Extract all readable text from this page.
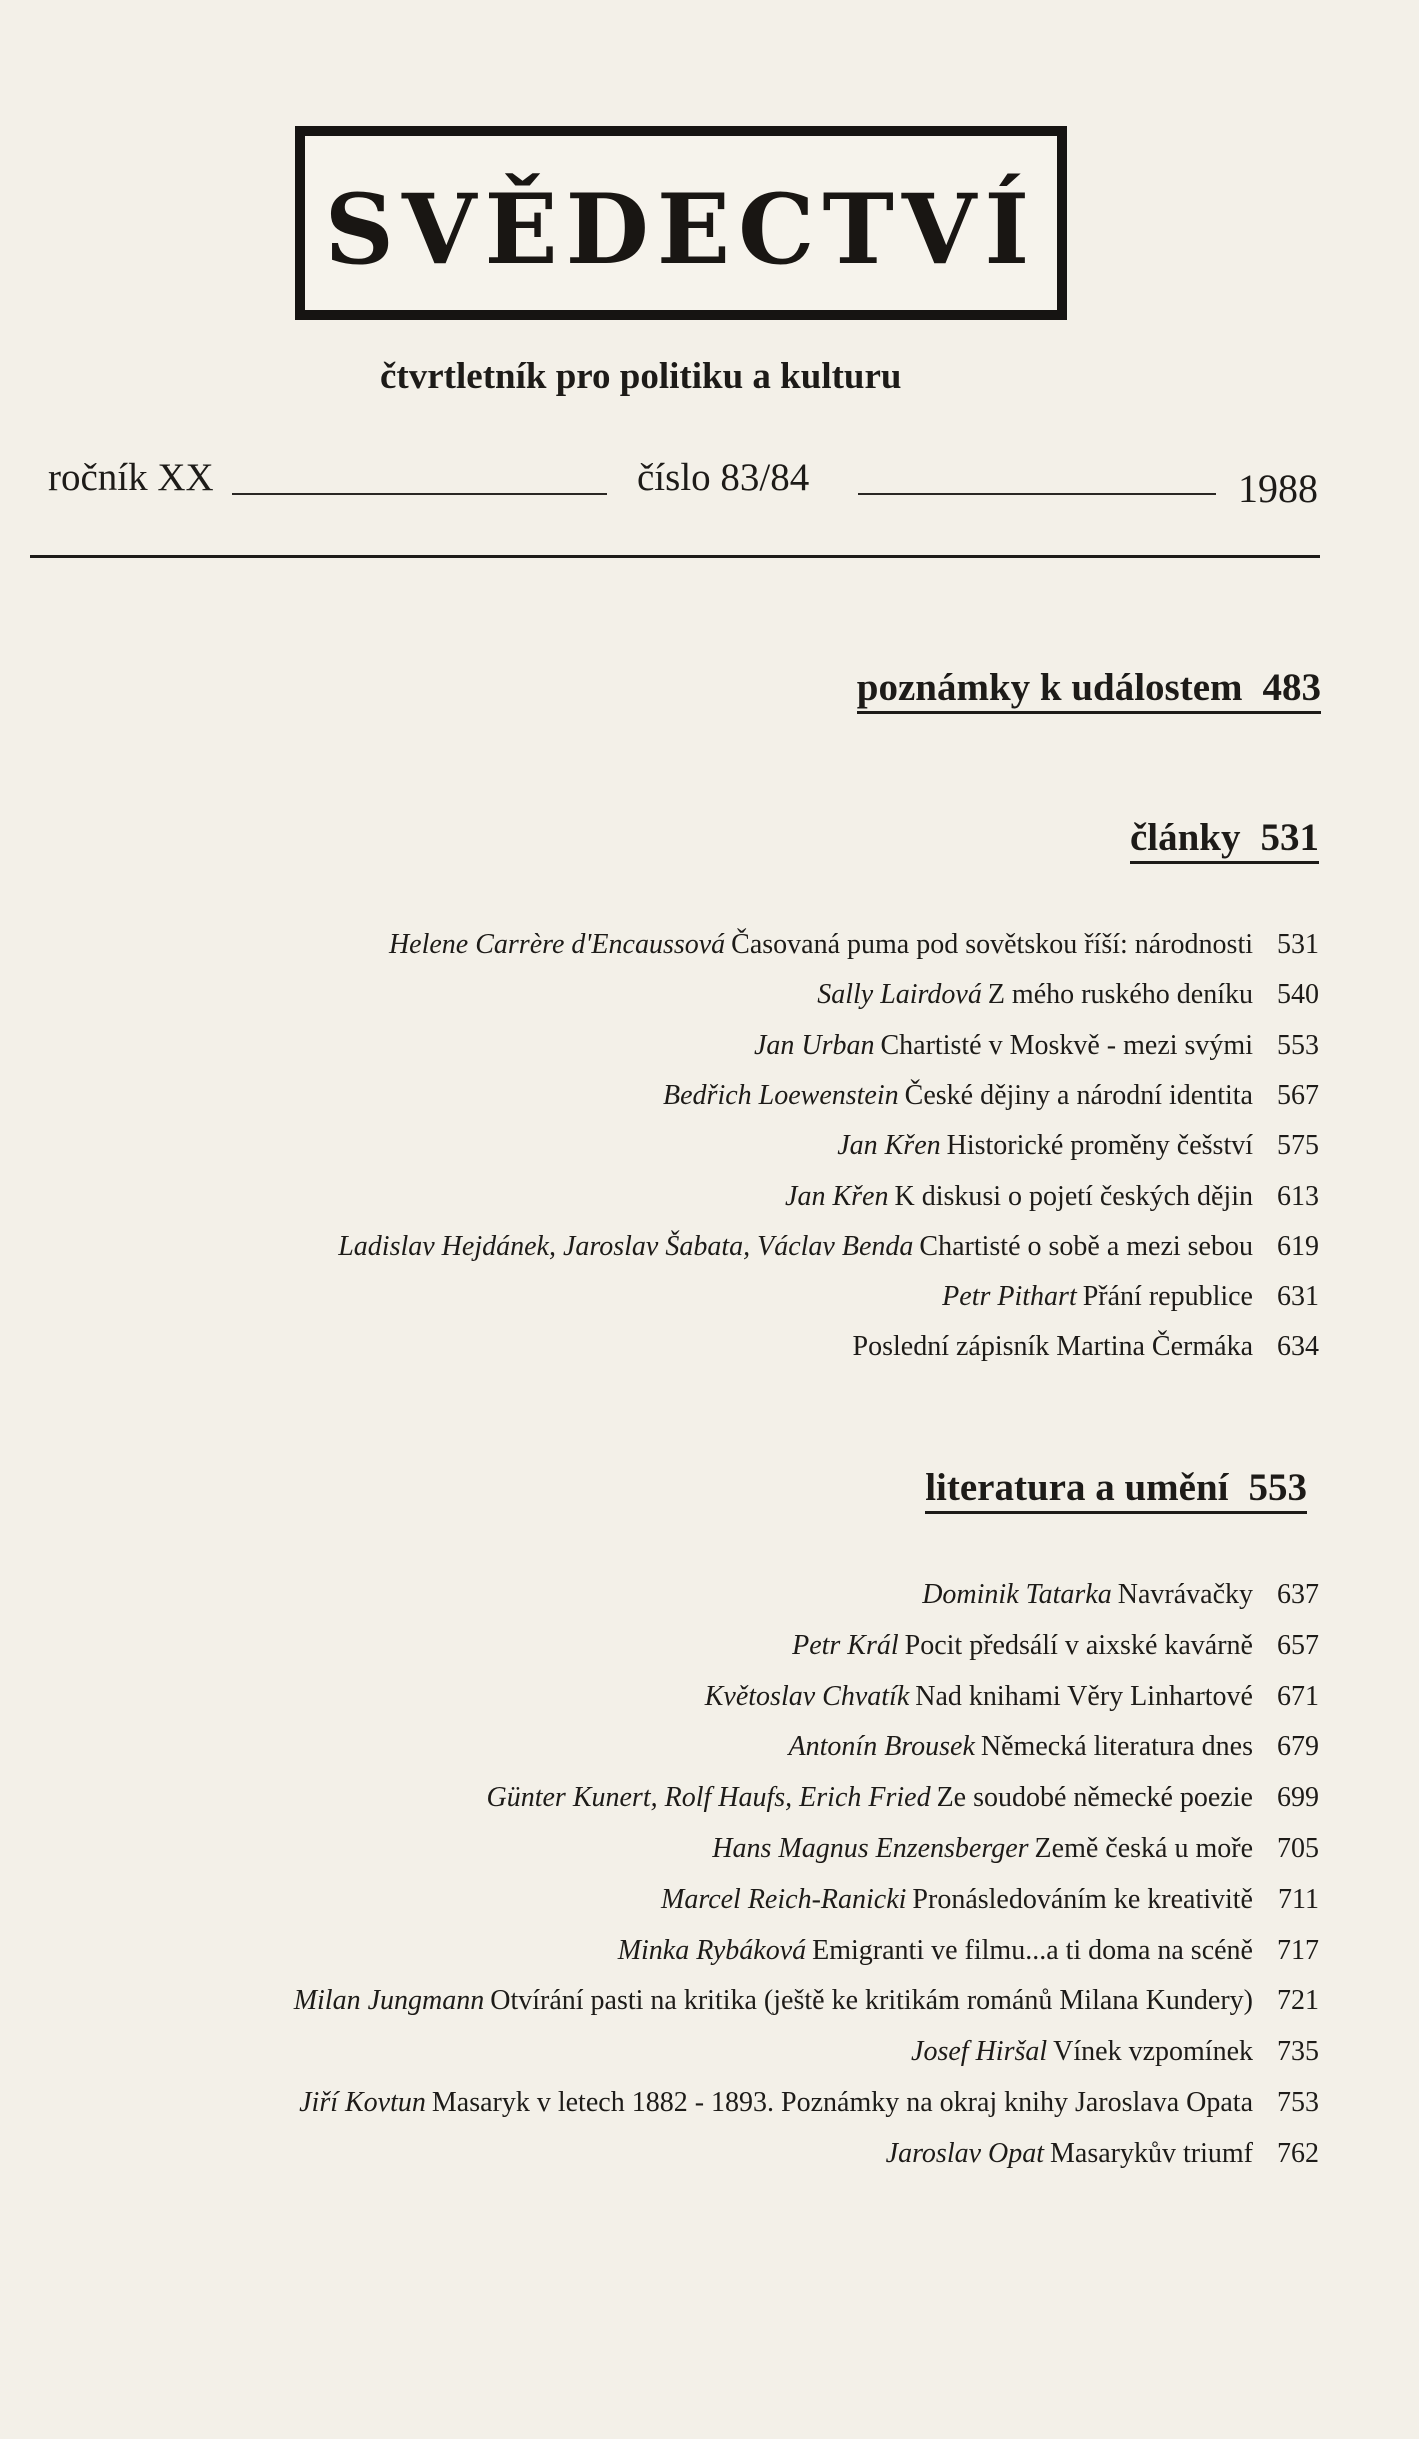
SVĚDECTVÍ
čtvrtletník pro politiku a kulturu
ročník XX	číslo 83/84	1988
poznámky k událostem 483
články 531
Helene Carrère d'Encaussová Časovaná puma pod sovětskou říší: národnosti 531
Sally Lairdová Z mého ruského deníku 540
Jan Urban Chartisté v Moskvě - mezi svými 553
Bedřich Loewenstein České dějiny a národní identita 567
Jan Křen Historické proměny češství 575
Jan Křen K diskusi o pojetí českých dějin 613
Ladislav Hejdánek, Jaroslav Šabata, Václav Benda Chartisté o sobě a mezi sebou 619
Petr Pithart Přání republice 631
Poslední zápisník Martina Čermáka 634
literatura a umění 553
Dominik Tatarka Navrávačky 637
Petr Král Pocit předsálí v aixské kavárně 657
Květoslav Chvatík Nad knihami Věry Linhartové 671
Antonín Brousek Německá literatura dnes 679
Günter Kunert, Rolf Haufs, Erich Fried Ze soudobé německé poezie 699
Hans Magnus Enzensberger Země česká u moře 705
Marcel Reich-Ranicki Pronásledováním ke kreativitě 711
Minka Rybáková Emigranti ve filmu...a ti doma na scéně 717
Milan Jungmann Otvírání pasti na kritika (ještě ke kritikám románů Milana Kundery) 721
Josef Hiršal Vínek vzpomínek 735
Jiří Kovtun Masaryk v letech 1882 - 1893. Poznámky na okraj knihy Jaroslava Opata 753
Jaroslav Opat Masarykův triumf 762
